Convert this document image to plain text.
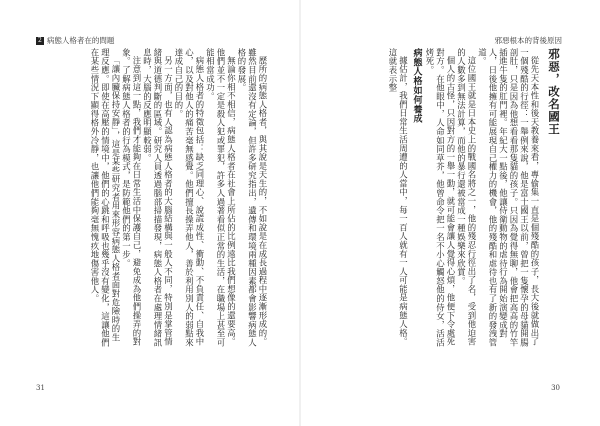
邪惡根本的背後原因
邪惡，改名國王

從先天本性和後天教養來看，專偷集一直是個殘酷的孩子，長大後就做出了一個殘酷的行徑：一舉例來說，他是富士國王以前，曾把一隻懷孕的母貓開腸剖肚，只是因為他想看看那隻貓的孩子。只因為覺得無聊，他會把高高的竹竿插進牛隻的肛門裡。年紀大一點後，他讓侍衛動物的虐待行為開始演變成對人，日後他擁有可能展現自己權力的機會，他的殘酷和虐待也有了新的發洩管道。

這位國王就是日本史上的戰國名將之一，他的殘忍行徑出了名，受到他迫害的人數多到無法計算，而他的暴行還被當成一種娛樂來欣賞。

個人的古怪，只因對方的一舉一動，就可能會讓人覺得心煩，他便下令處死對方。在他眼中，人命如同草芥，他曾命令把一名不小心觸怒他的侍女，活活烤死。

病態人格如何養成

據估計，我們日常生活周遭的人當中，每一百人就有一人可能是病態人格。這就表示整

30
2 病態人格者在的問題

歷所的病態人格者，與其說是天生的，不如說是在成長過程中逐漸形成的。雖然目前還沒有定論，但許多研究指出，遺傳和環境兩種因素都會影響病態人格的發展。

無論你相不相信，病態人格者在社會上所佔的比例遠比我們想像的還要高。他們並不一定是殺人犯或罪犯，許多人過著看似正常的生活，在職場上甚至可能相當成功。

病態人格者的特徵包括：缺乏同理心、說謊成性、衝動、不負責任、自我中心，以及對他人的痛苦毫無感覺。他們擅長操弄他人，善於利用別人的弱點來達成自己的目的。

另一方面，也有人認為病態人格者的大腦結構與一般人不同，特別是掌管情緒與道德判斷的區域。研究人員透過腦部掃描發現，病態人格者在處理情緒訊息時，大腦的反應明顯較弱。

注意到這一點，我們才能夠在日常生活中保護自己，避免成為他們操弄的對象。了解病態人格者的行為模式，是防範他們的第一步。

「讓內臟保持安靜」，這是某些研究者用來形容病態人格者面對危險時的生理反應。即使在高壓的情境中，他們的心跳和呼吸也幾乎沒有變化，這讓他們在某些情況下顯得格外冷靜，也讓他們能夠毫無愧疚地傷害他人。

31
